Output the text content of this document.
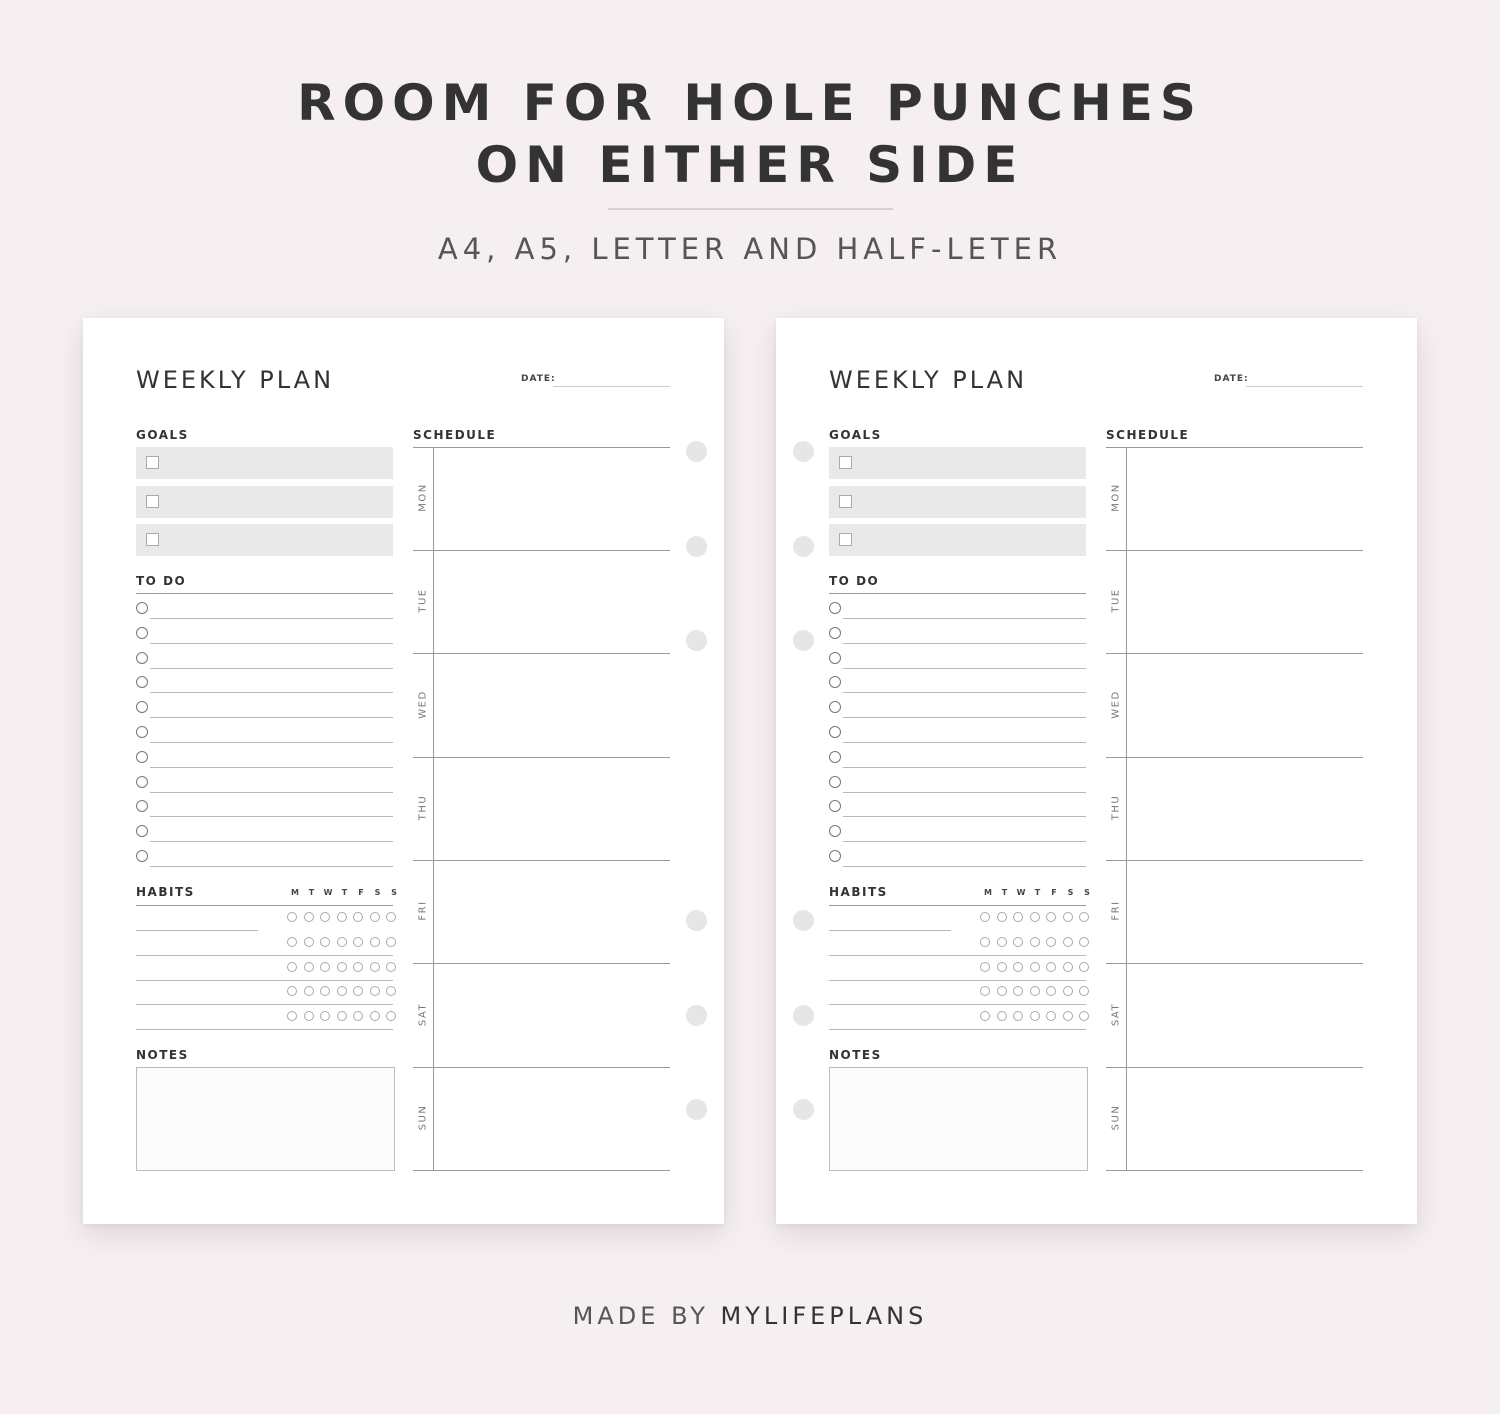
ROOM FOR HOLE PUNCHES
ON EITHER SIDE
A4, A5, LETTER AND HALF-LETER
WEEKLY PLAN	DATE:
GOALS
TO DO
HABITS	M	T	W	T	F	S	S
NOTES
SCHEDULE
MON
TUE
WED
THU
FRI
SAT
SUN
WEEKLY PLAN	DATE:
GOALS
TO DO
HABITS	M	T	W	T	F	S	S
NOTES
SCHEDULE
MON
TUE
WED
THU
FRI
SAT
SUN
MADE BY MYLIFEPLANS
